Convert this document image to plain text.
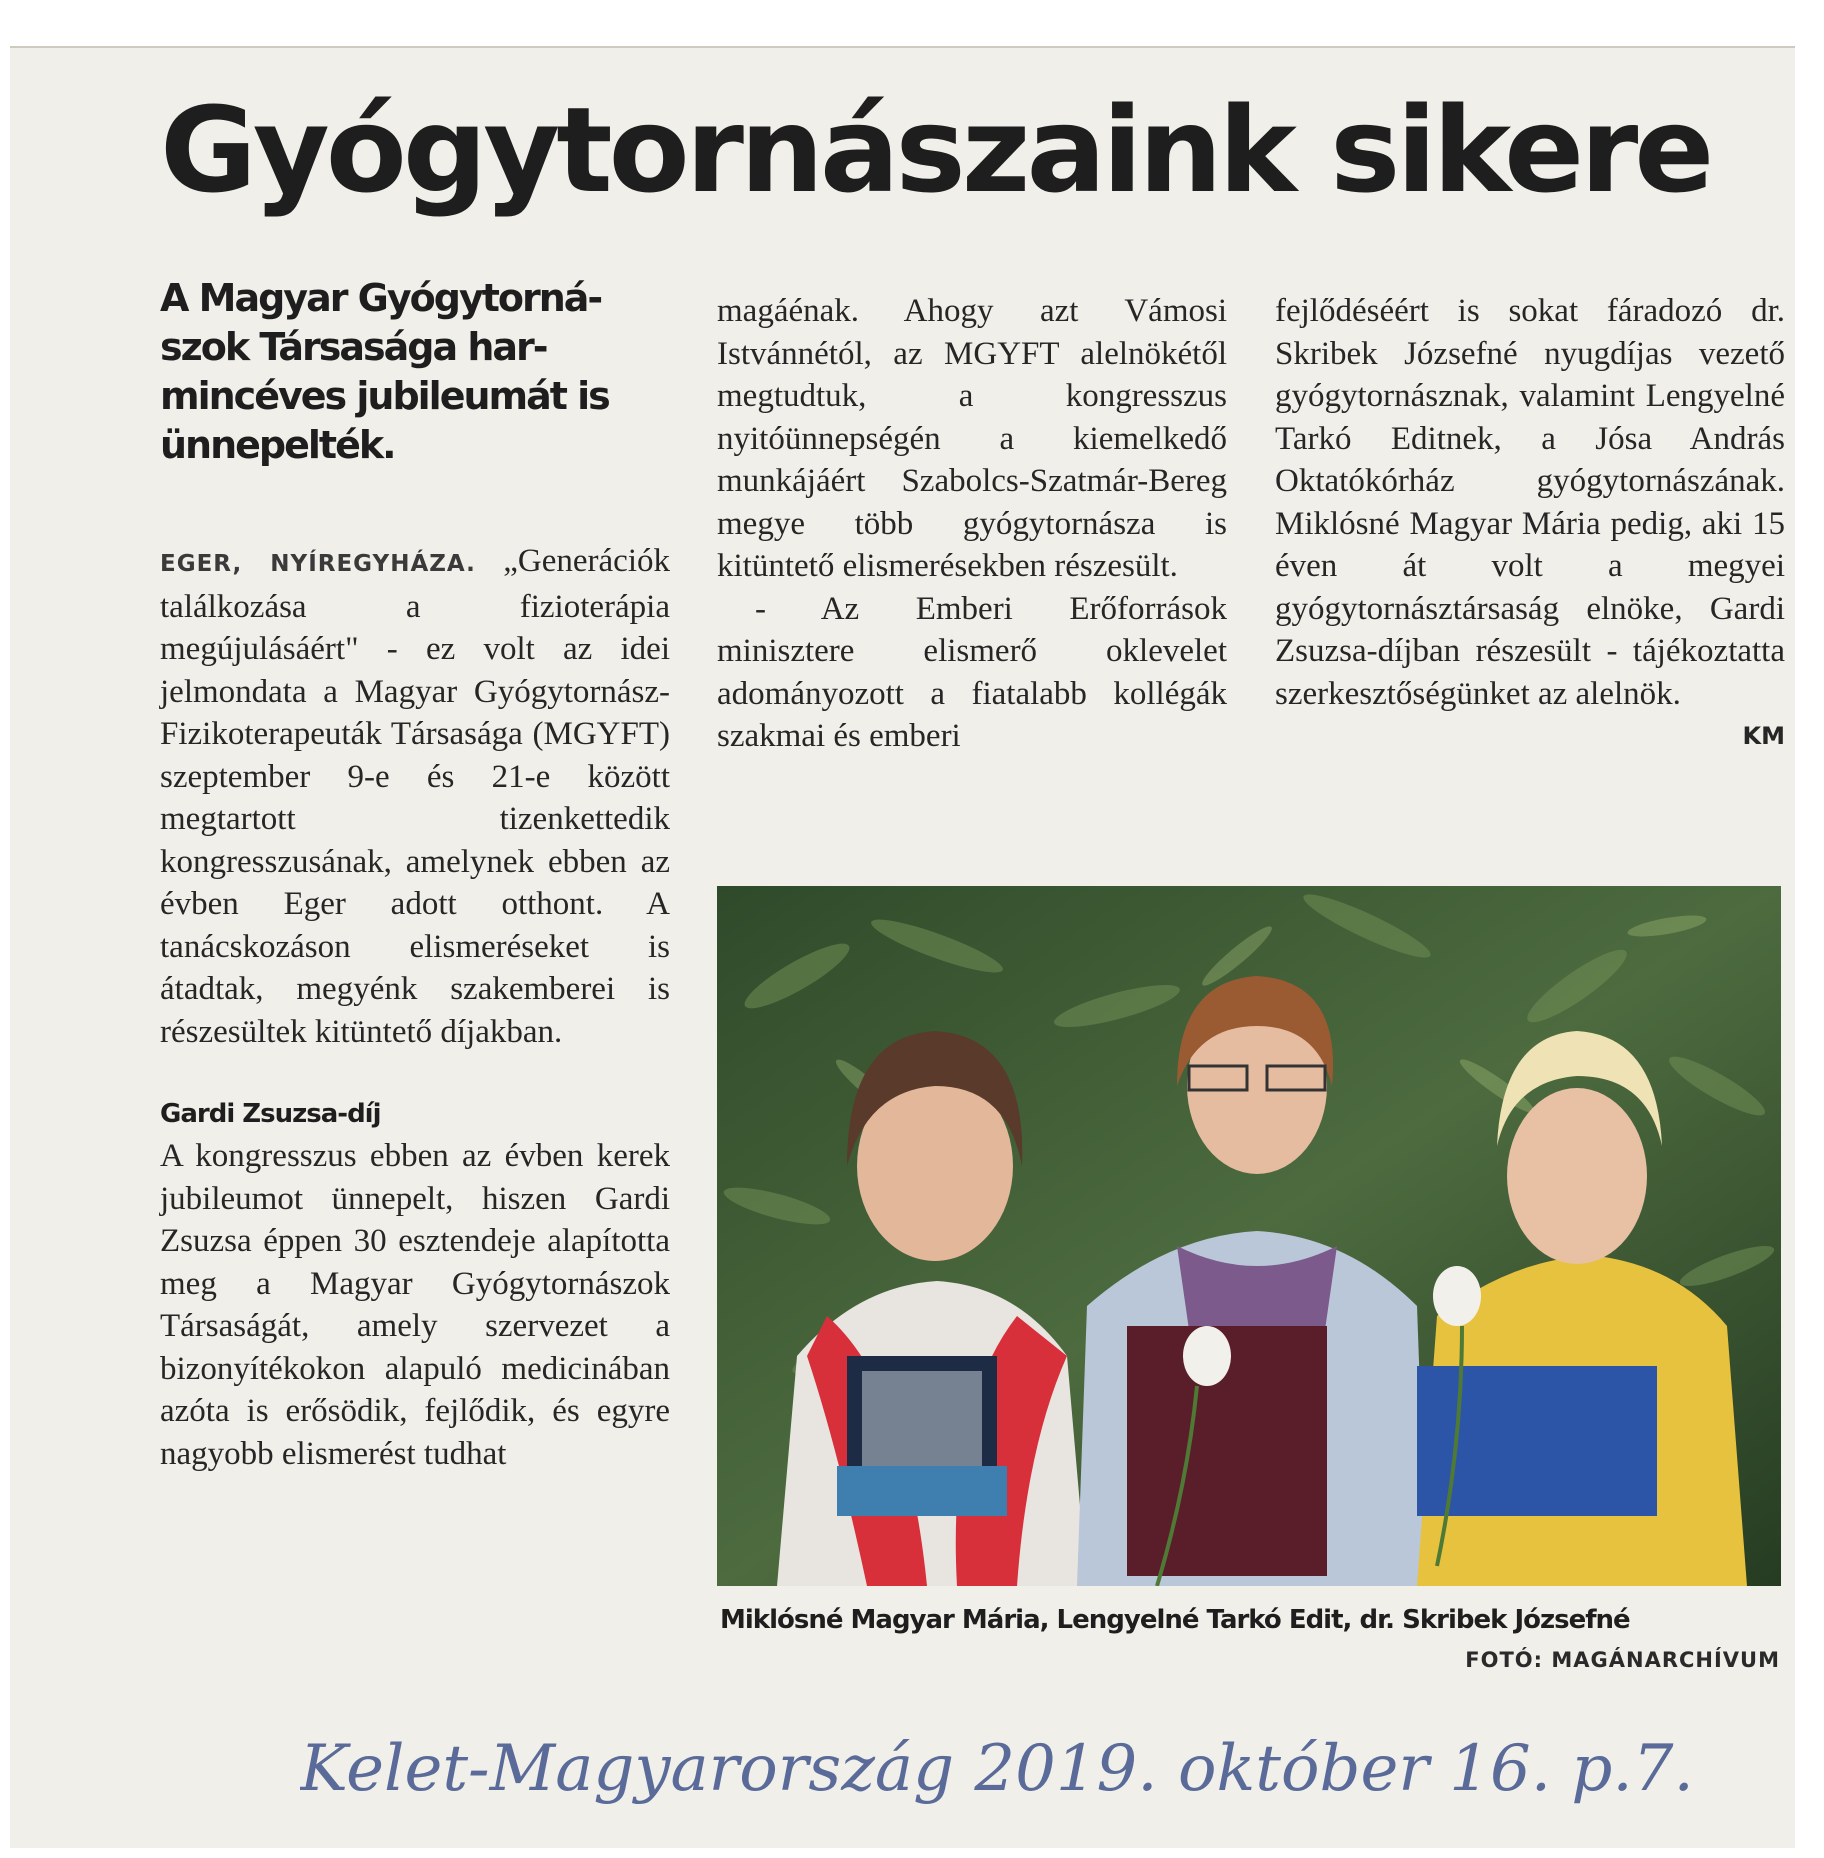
Gyógytornászaink sikere

A Magyar Gyógytorná-szok Társasága har-mincéves jubileumát is ünnepelték.

EGER, NYÍREGYHÁZA. „Generációk találkozása a fizioterápia megújulásáért" - ez volt az idei jelmondata a Magyar Gyógytornász-Fizikoterapeuták Társasága (MGYFT) szeptember 9-e és 21-e között megtartott tizenkettedik kongresszusának, amelynek ebben az évben Eger adott otthont. A tanácskozáson elismeréseket is átadtak, megyénk szakemberei is részesültek kitüntető díjakban.

Gardi Zsuzsa-díj

A kongresszus ebben az évben kerek jubileumot ünnepelt, hiszen Gardi Zsuzsa éppen 30 esztendeje alapította meg a Magyar Gyógytornászok Társaságát, amely szervezet a bizonyítékokon alapuló medicinában azóta is erősödik, fejlődik, és egyre nagyobb elismerést tudhat

magáénak. Ahogy azt Vámosi Istvánnétól, az MGYFT alelnökétől megtudtuk, a kongresszus nyitóünnepségén a kiemelkedő munkájáért Szabolcs-Szatmár-Bereg megye több gyógytornásza is kitüntető elismerésekben részesült.

- Az Emberi Erőforrások minisztere elismerő oklevelet adományozott a fiatalabb kollégák szakmai és emberi

fejlődéséért is sokat fáradozó dr. Skribek Józsefné nyugdíjas vezető gyógytornásznak, valamint Lengyelné Tarkó Editnek, a Jósa András Oktatókórház gyógytornászának. Miklósné Magyar Mária pedig, aki 15 éven át volt a megyei gyógytornásztársaság elnöke, Gardi Zsuzsa-díjban részesült - tájékoztatta szerkesztőségünket az alelnök.

KM

Miklósné Magyar Mária, Lengyelné Tarkó Edit, dr. Skribek Józsefné
FOTÓ: MAGÁNARCHÍVUM
Kelet-Magyarország 2019. október 16. p.7.
